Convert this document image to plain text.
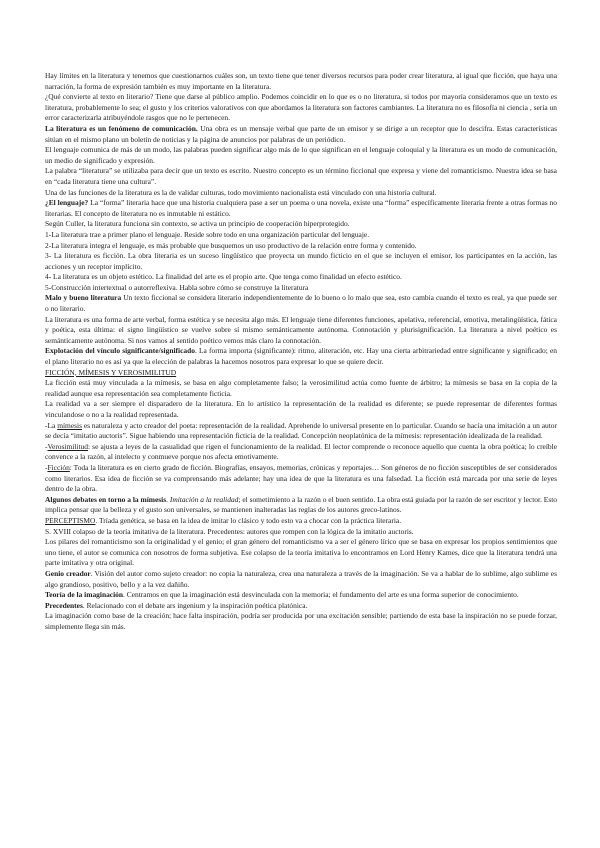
Hay límites en la literatura y tenemos que cuestionarnos cuáles son, un texto tiene que tener diversos recursos para poder crear literatura, al igual que ficción, que haya una narración, la forma de expresión también es muy importante en la literatura.

¿Qué convierte al texto en literario? Tiene que darse al público amplio. Podemos coincidir en lo que es o no literatura, si todos por mayoría consideramos que un texto es literatura, probablemente lo sea; el gusto y los criterios valorativos con que abordamos la literatura son factores cambiantes. La literatura no es filosofía ni ciencia , sería un error caracterizarla atribuyéndole rasgos que no le pertenecen.

La literatura es un fenómeno de comunicación. Una obra es un mensaje verbal que parte de un emisor y se dirige a un receptor que lo descifra. Estas características sitúan en el mismo plano un boletín de noticias y la página de anuncios por palabras de un periódico.

El lenguaje comunica de más de un modo, las palabras pueden significar algo más de lo que significan en el lenguaje coloquial y la literatura es un modo de comunicación, un medio de significado y expresión.

La palabra “literatura” se utilizaba para decir que un texto es escrito. Nuestro concepto es un término ficcional que expresa y viene del romanticismo. Nuestra idea se basa en “cada literatura tiene una cultura”.

Una de las funciones de la literatura es la de validar culturas, todo movimiento nacionalista está vinculado con una historia cultural.

¿El lenguaje? La “forma” literaria hace que una historia cualquiera pase a ser un poema o una novela, existe una “forma” específicamente literaria frente a otras formas no literarias. El concepto de literatura no es inmutable ni estático.

Según Culler, la literatura funciona sin contexto, se activa un principio de cooperación hiperprotegido.

1-La literatura trae a primer plano el lenguaje. Reside sobre todo en una organización particular del lenguaje.

2-La literatura integra el lenguaje, es más probable que busquemos un uso productivo de la relación entre forma y contenido.

3- La literatura es ficción. La obra literaria es un suceso lingüístico que proyecta un mundo ficticio en el que se incluyen el emisor, los participantes en la acción, las acciones y un receptor implícito.

4- La literatura es un objeto estético. La finalidad del arte es el propio arte. Que tenga como finalidad un efecto estético.

5-Construcción intertextual o autorreflexiva. Habla sobre cómo se construye la literatura

Malo y bueno literatura Un texto ficcional se considera literario independientemente de lo bueno o lo malo que sea, esto cambia cuando el texto es real, ya que puede ser o no literario.

La literatura es una forma de arte verbal, forma estética y se necesita algo más. El lenguaje tiene diferentes funciones, apelativa, referencial, emotiva, metalingüística, fática y poética, esta última: el signo lingüístico se vuelve sobre sí mismo semánticamente autónoma. Connotación y plurisignificación. La literatura a nivel poético es semánticamente autónoma. Si nos vamos al sentido poético vemos más claro la connotación.

Explotación del vínculo significante/significado. La forma importa (significante): ritmo, aliteración, etc. Hay una cierta arbitrariedad entre significante y significado; en el plano literario no es así ya que la elección de palabras la hacemos nosotros para expresar lo que se quiere decir.

FICCIÓN, MÍMESIS Y VEROSIMILITUD

La ficción está muy vinculada a la mímesis, se basa en algo completamente falso; la verosimilitud actúa como fuente de árbitro; la mímesis se basa en la copia de la realidad aunque esa representación sea completamente ficticia.

La realidad va a ser siempre el disparadero de la literatura. En lo artístico la representación de la realidad es diferente; se puede representar de diferentes formas vinculandose o no a la realidad representada.

-La mímesis es naturaleza y acto creador del poeta: representación de la realidad. Aprehende lo universal presente en lo particular. Cuando se hacía una imitación a un autor se decía “imitatio auctoris”. Sigue habiendo una representación ficticia de la realidad. Concepción neoplatónica de la mímesis: representación idealizada de la realidad.

-Verosimilitud: se ajusta a leyes de la casualidad que rigen el funcionamiento de la realidad. El lector comprende o reconoce aquello que cuenta la obra poética; lo creíble convence a la razón, al intelecto y conmueve porque nos afecta emotivamente.

-Ficción: Toda la literatura es en cierto grado de ficción. Biografías, ensayos, memorias, crónicas y reportajes… Son géneros de no ficción susceptibles de ser considerados como literarios. Esa idea de ficción se va comprensando más adelante; hay una idea de que la literatura es una falsedad. La ficción está marcada por una serie de leyes dentro de la obra.

Algunos debates en torno a la mímesis. Imitación a la realidad; el sometimiento a la razón o el buen sentido. La obra está guiada por la razón de ser escritor y lector. Esto implica pensar que la belleza y el gusto son universales, se mantienen inalteradas las reglas de los autores greco-latinos.

PERCEPTISMO. Tríada genética, se basa en la idea de imitar lo clásico y todo esto va a chocar con la práctica literaria.

S. XVIII colapso de la teoría imitativa de la literatura. Precedentes: autores que rompen con la lógica de la imitatio auctoris.

Los pilares del romanticismo son la originalidad y el genio; el gran género del romanticismo va a ser el género lírico que se basa en expresar los propios sentimientos que uno tiene, el autor se comunica con nosotros de forma subjetiva. Ese colapso de la teoría imitativa lo encontramos en Lord Henry Kames, dice que la literatura tendrá una parte imitativa y otra original.

Genio creador. Visión del autor como sujeto creador: no copia la naturaleza, crea una naturaleza a través de la imaginación. Se va a hablar de lo sublime, algo sublime es algo grandioso, positivo, bello y a la vez dañiño.

Teoría de la imaginación. Centramos en que la imaginación está desvinculada con la memoria; el fundamento del arte es una forma superior de conocimiento.

Precedentes. Relacionado con el debate ars ingenium y la inspiración poética platónica.

La imaginación como base de la creación; hace falta inspiración, podría ser producida por una excitación sensible; partiendo de esta base la inspiración no se puede forzar, simplemente llega sin más.
